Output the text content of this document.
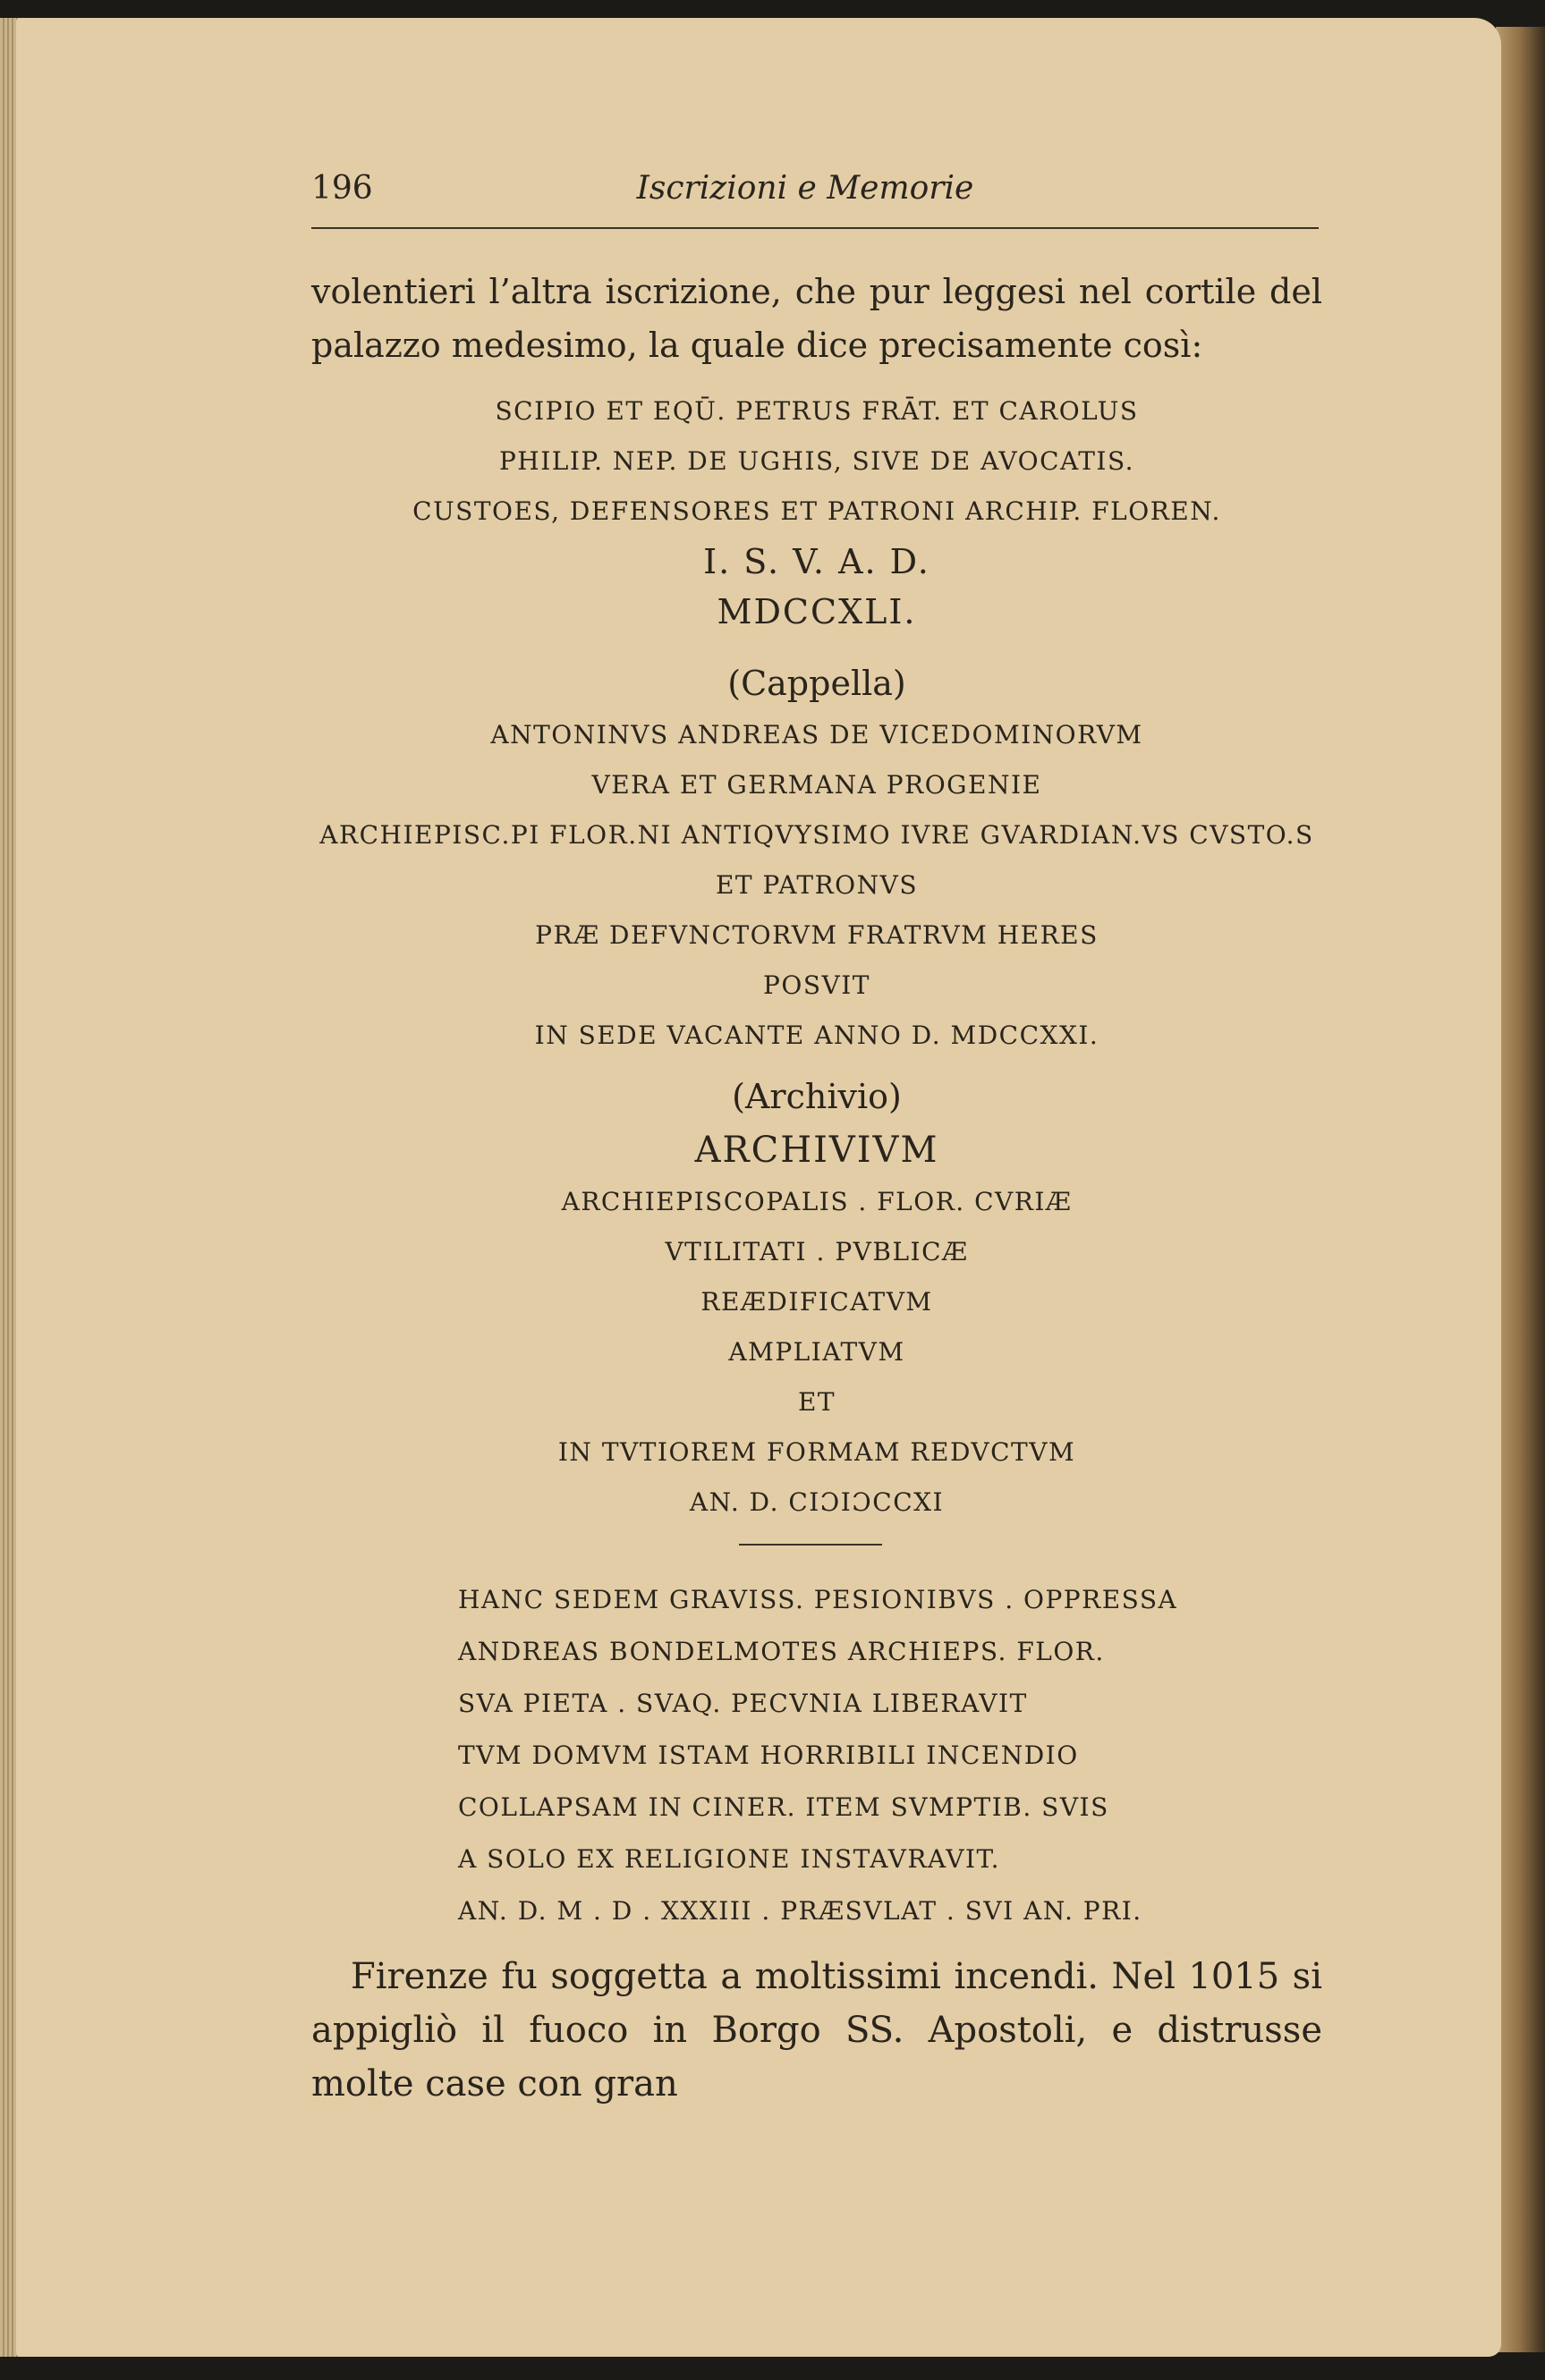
196	Iscrizioni e Memorie

volentieri l’altra iscrizione, che pur leggesi nel cortile del palazzo medesimo, la quale dice precisamente così:

SCIPIO ET EQŪ. PETRUS FRĀT. ET CAROLUS

PHILIP. NEP. DE UGHIS, SIVE DE AVOCATIS.

CUSTOES, DEFENSORES ET PATRONI ARCHIP. FLOREN.

I. S. V. A. D.

MDCCXLI.

(Cappella)

ANTONINVS ANDREAS DE VICEDOMINORVM

VERA ET GERMANA PROGENIE

ARCHIEPISC.PI FLOR.NI ANTIQVYSIMO IVRE GVARDIAN.VS CVSTO.S

ET PATRONVS

PRÆ DEFVNCTORVM FRATRVM HERES

POSVIT

IN SEDE VACANTE ANNO D. MDCCXXI.

(Archivio)

ARCHIVIVM

ARCHIEPISCOPALIS . FLOR. CVRIÆ

VTILITATI . PVBLICÆ

REÆDIFICATVM

AMPLIATVM

ET

IN TVTIOREM FORMAM REDVCTVM

AN. D. CIƆIƆCCXI

HANC SEDEM GRAVISS. PESIONIBVS . OPPRESSA

ANDREAS BONDELMOTES ARCHIEPS. FLOR.

SVA PIETA . SVAQ. PECVNIA LIBERAVIT

TVM DOMVM ISTAM HORRIBILI INCENDIO

COLLAPSAM IN CINER. ITEM SVMPTIB. SVIS

A SOLO EX RELIGIONE INSTAVRAVIT.

AN. D. M . D . XXXIII . PRÆSVLAT . SVI AN. PRI.

Firenze fu soggetta a moltissimi incendi. Nel 1015 si appigliò il fuoco in Borgo SS. Apostoli, e distrusse molte case con gran
